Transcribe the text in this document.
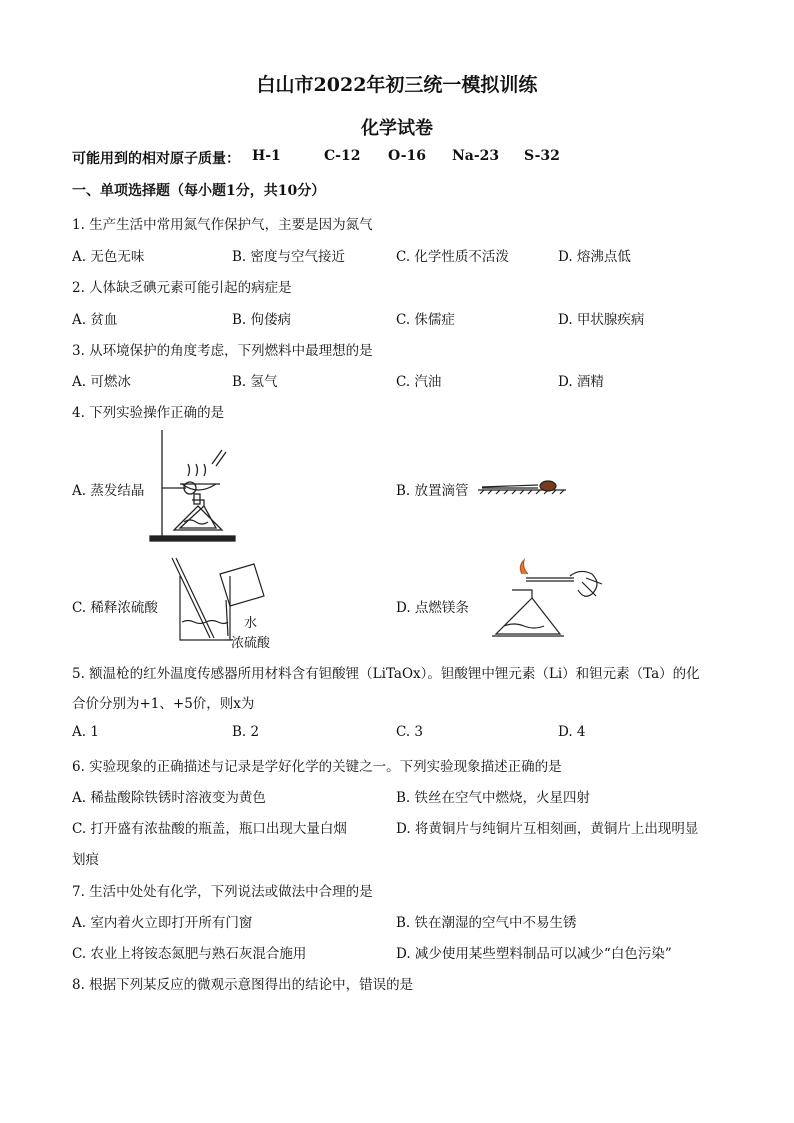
白山市2022年初三统一模拟训练
化学试卷
可能用到的相对原子质量： H-1	C-12 O-16 Na-23 S-32
一、单项选择题（每小题1分，共10分）
1. 生产生活中常用氮气作保护气，主要是因为氮气
A. 无色无味	B. 密度与空气接近	C. 化学性质不活泼	D. 熔沸点低
2. 人体缺乏碘元素可能引起的病症是
A. 贫血	B. 佝偻病	C. 侏儒症	D. 甲状腺疾病
3. 从环境保护的角度考虑，下列燃料中最理想的是
A. 可燃冰	B. 氢气	C. 汽油	D. 酒精
4. 下列实验操作正确的是
A. 蒸发结晶	B. 放置滴管
C. 稀释浓硫酸
水
浓硫酸
D. 点燃镁条
5. 额温枪的红外温度传感器所用材料含有钽酸锂（LiTaOx）。钽酸锂中锂元素（Li）和钽元素（Ta）的化
合价分别为+1、+5价，则x为
A. 1	B. 2	C. 3	D. 4
6. 实验现象的正确描述与记录是学好化学的关键之一。下列实验现象描述正确的是
A. 稀盐酸除铁锈时溶液变为黄色	B. 铁丝在空气中燃烧，火星四射
C. 打开盛有浓盐酸的瓶盖，瓶口出现大量白烟	D. 将黄铜片与纯铜片互相刻画，黄铜片上出现明显
划痕
7. 生活中处处有化学，下列说法或做法中合理的是
A. 室内着火立即打开所有门窗	B. 铁在潮湿的空气中不易生锈
C. 农业上将铵态氮肥与熟石灰混合施用	D. 减少使用某些塑料制品可以减少“白色污染”
8. 根据下列某反应的微观示意图得出的结论中，错误的是
